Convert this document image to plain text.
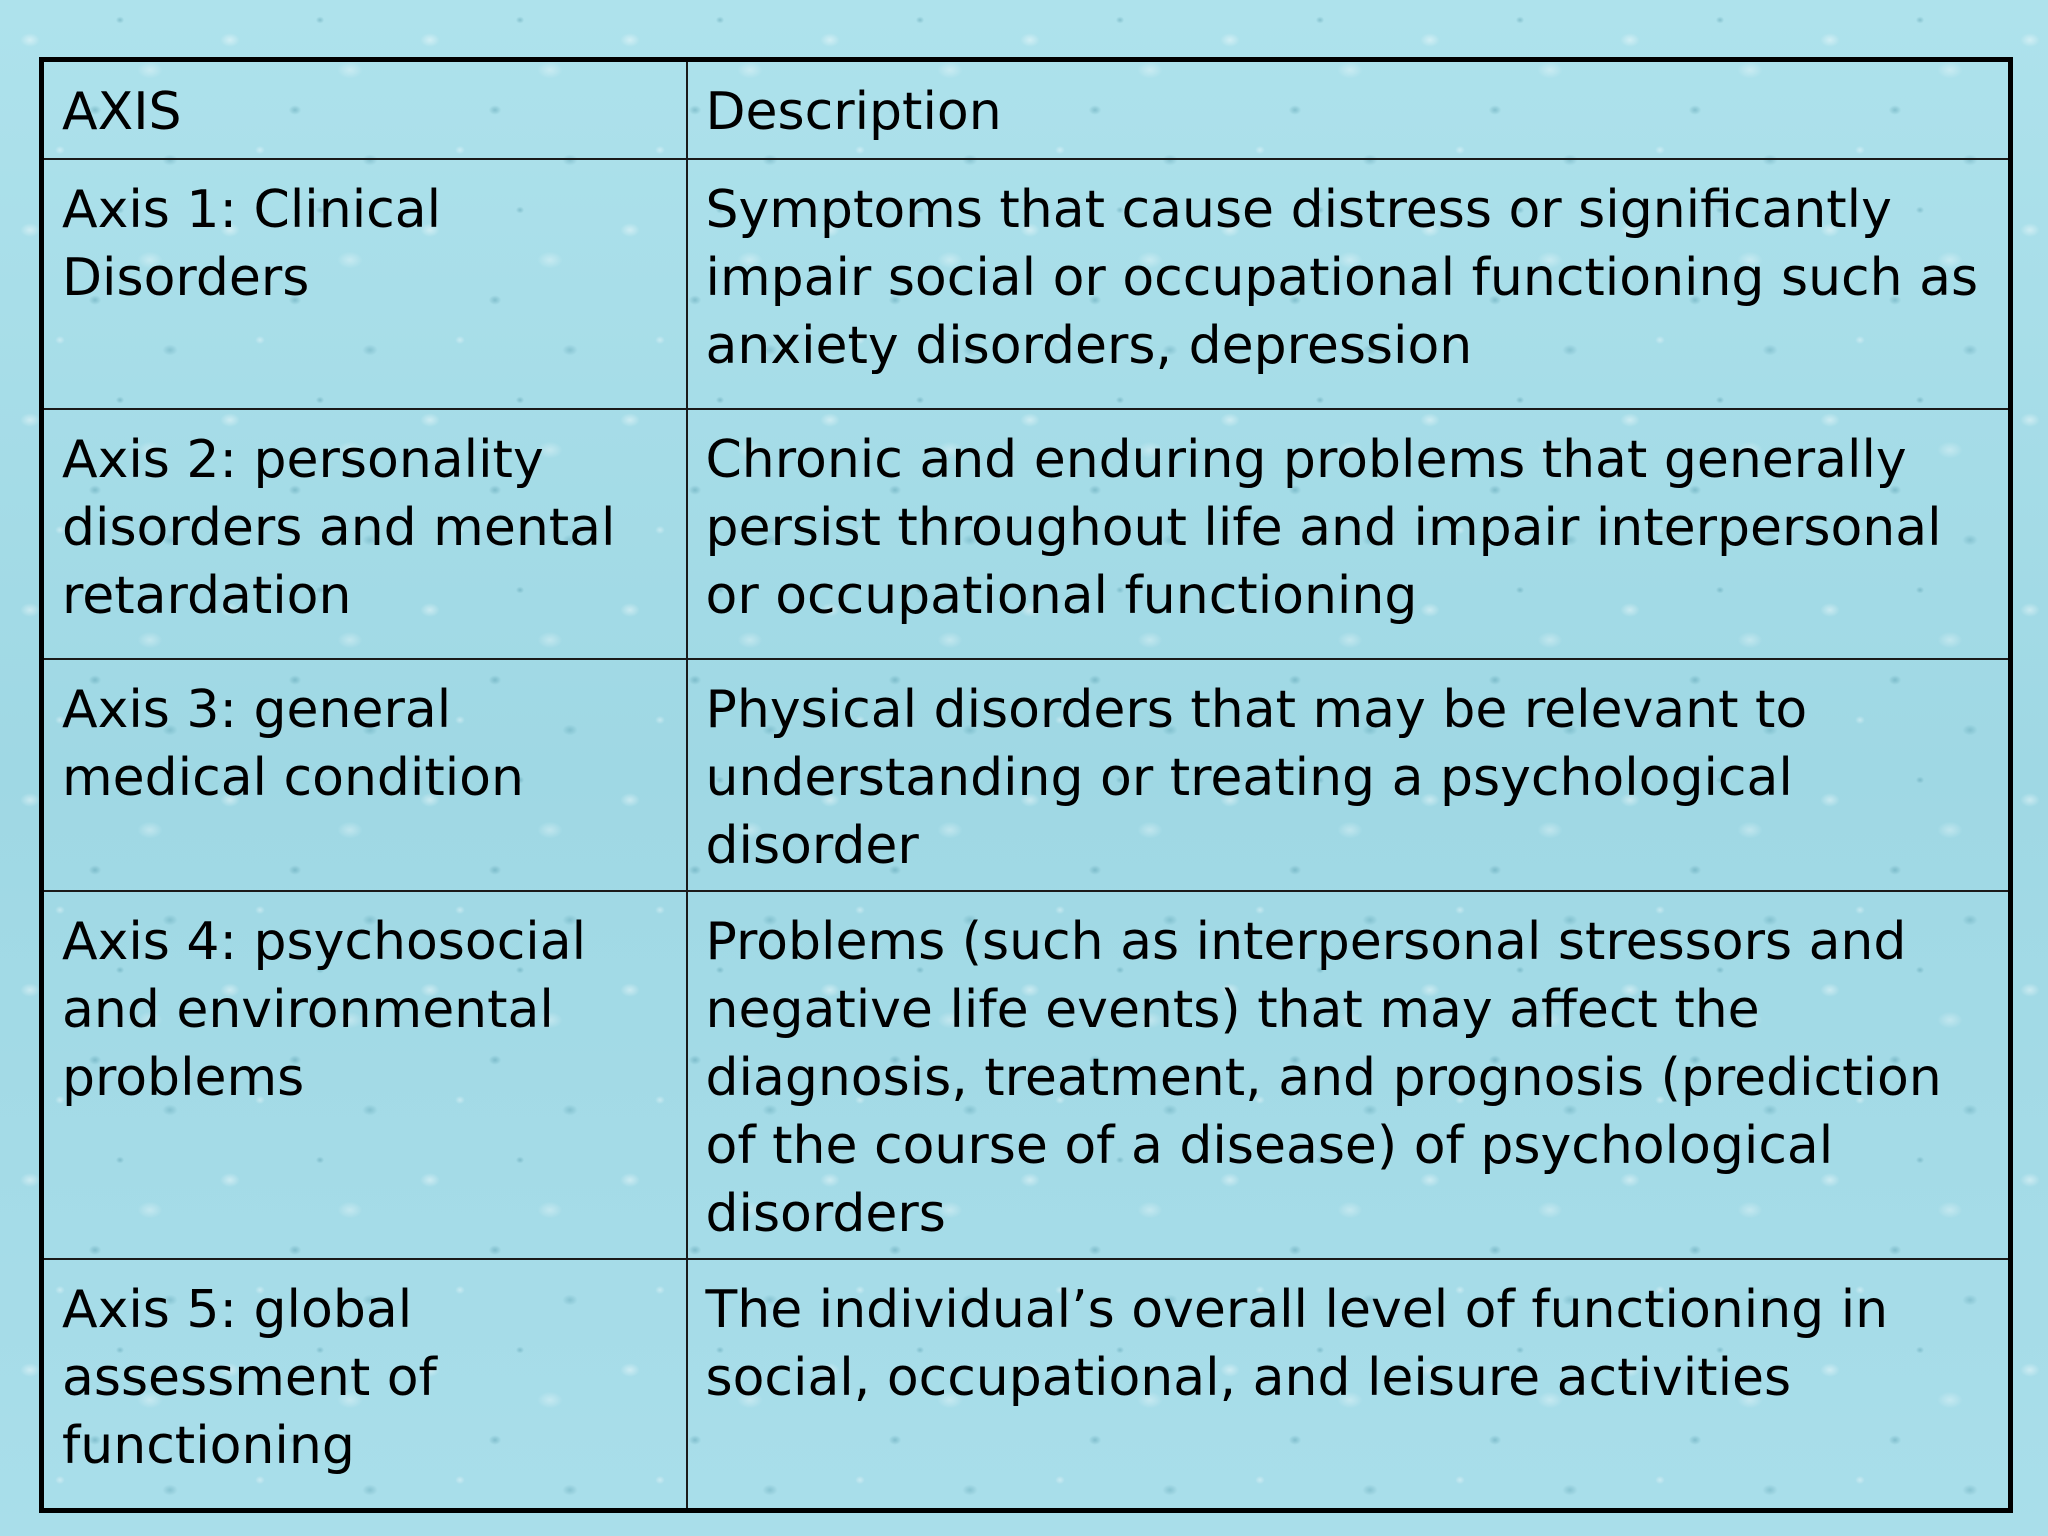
AXIS	Description
Axis 1: Clinical Disorders	Symptoms that cause distress or significantly impair social or occupational functioning such as anxiety disorders, depression
Axis 2: personality disorders and mental retardation	Chronic and enduring problems that generally persist throughout life and impair interpersonal or occupational functioning
Axis 3: general medical condition	Physical disorders that may be relevant to understanding or treating a psychological disorder
Axis 4: psychosocial and environmental problems	Problems (such as interpersonal stressors and negative life events) that may affect the diagnosis, treatment, and prognosis (prediction of the course of a disease) of psychological disorders
Axis 5: global assessment of functioning	The individual’s overall level of functioning in social, occupational, and leisure activities
